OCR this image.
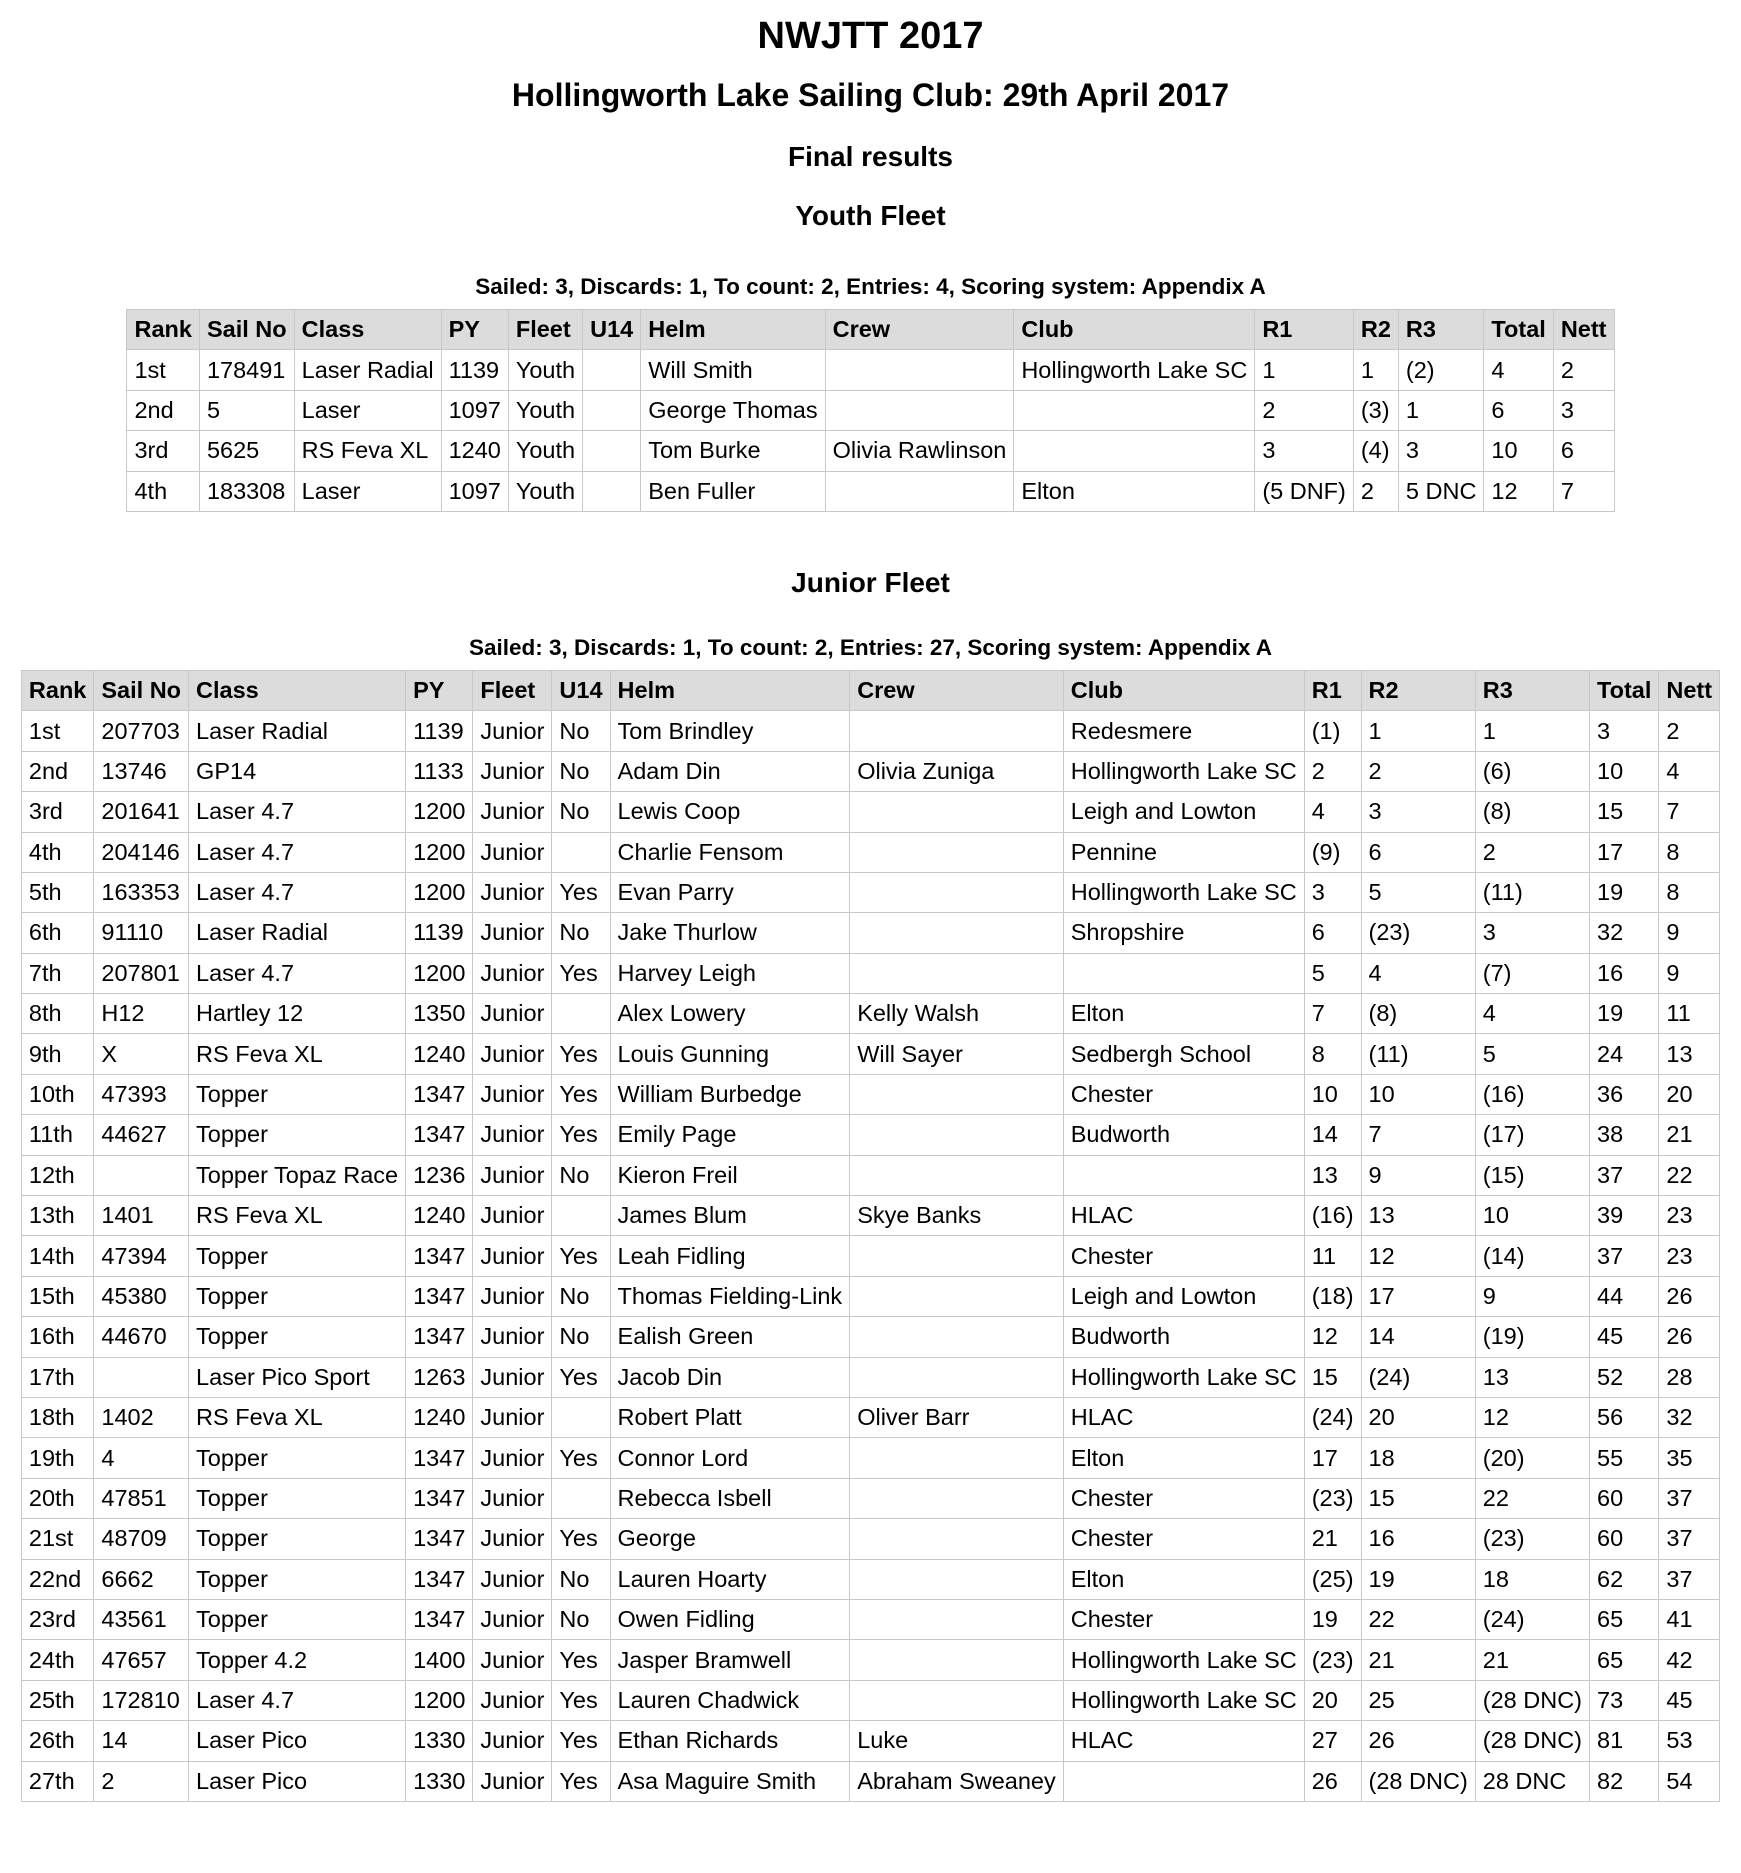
NWJTT 2017
Hollingworth Lake Sailing Club: 29th April 2017
Final results
Youth Fleet
Sailed: 3, Discards: 1, To count: 2, Entries: 4, Scoring system: Appendix A
Rank	Sail No	Class	PY	Fleet	U14	Helm	Crew	Club	R1	R2	R3	Total	Nett
1st	178491	Laser Radial	1139	Youth		Will Smith		Hollingworth Lake SC	1	1	(2)	4	2
2nd	5	Laser	1097	Youth		George Thomas			2	(3)	1	6	3
3rd	5625	RS Feva XL	1240	Youth		Tom Burke	Olivia Rawlinson		3	(4)	3	10	6
4th	183308	Laser	1097	Youth		Ben Fuller		Elton	(5 DNF)	2	5 DNC	12	7
Junior Fleet
Sailed: 3, Discards: 1, To count: 2, Entries: 27, Scoring system: Appendix A
Rank	Sail No	Class	PY	Fleet	U14	Helm	Crew	Club	R1	R2	R3	Total	Nett
1st	207703	Laser Radial	1139	Junior	No	Tom Brindley		Redesmere	(1)	1	1	3	2
2nd	13746	GP14	1133	Junior	No	Adam Din	Olivia Zuniga	Hollingworth Lake SC	2	2	(6)	10	4
3rd	201641	Laser 4.7	1200	Junior	No	Lewis Coop		Leigh and Lowton	4	3	(8)	15	7
4th	204146	Laser 4.7	1200	Junior		Charlie Fensom		Pennine	(9)	6	2	17	8
5th	163353	Laser 4.7	1200	Junior	Yes	Evan Parry		Hollingworth Lake SC	3	5	(11)	19	8
6th	91110	Laser Radial	1139	Junior	No	Jake Thurlow		Shropshire	6	(23)	3	32	9
7th	207801	Laser 4.7	1200	Junior	Yes	Harvey Leigh			5	4	(7)	16	9
8th	H12	Hartley 12	1350	Junior		Alex Lowery	Kelly Walsh	Elton	7	(8)	4	19	11
9th	X	RS Feva XL	1240	Junior	Yes	Louis Gunning	Will Sayer	Sedbergh School	8	(11)	5	24	13
10th	47393	Topper	1347	Junior	Yes	William Burbedge		Chester	10	10	(16)	36	20
11th	44627	Topper	1347	Junior	Yes	Emily Page		Budworth	14	7	(17)	38	21
12th		Topper Topaz Race	1236	Junior	No	Kieron Freil			13	9	(15)	37	22
13th	1401	RS Feva XL	1240	Junior		James Blum	Skye Banks	HLAC	(16)	13	10	39	23
14th	47394	Topper	1347	Junior	Yes	Leah Fidling		Chester	11	12	(14)	37	23
15th	45380	Topper	1347	Junior	No	Thomas Fielding-Link		Leigh and Lowton	(18)	17	9	44	26
16th	44670	Topper	1347	Junior	No	Ealish Green		Budworth	12	14	(19)	45	26
17th		Laser Pico Sport	1263	Junior	Yes	Jacob Din		Hollingworth Lake SC	15	(24)	13	52	28
18th	1402	RS Feva XL	1240	Junior		Robert Platt	Oliver Barr	HLAC	(24)	20	12	56	32
19th	4	Topper	1347	Junior	Yes	Connor Lord		Elton	17	18	(20)	55	35
20th	47851	Topper	1347	Junior		Rebecca Isbell		Chester	(23)	15	22	60	37
21st	48709	Topper	1347	Junior	Yes	George		Chester	21	16	(23)	60	37
22nd	6662	Topper	1347	Junior	No	Lauren Hoarty		Elton	(25)	19	18	62	37
23rd	43561	Topper	1347	Junior	No	Owen Fidling		Chester	19	22	(24)	65	41
24th	47657	Topper 4.2	1400	Junior	Yes	Jasper Bramwell		Hollingworth Lake SC	(23)	21	21	65	42
25th	172810	Laser 4.7	1200	Junior	Yes	Lauren Chadwick		Hollingworth Lake SC	20	25	(28 DNC)	73	45
26th	14	Laser Pico	1330	Junior	Yes	Ethan Richards	Luke	HLAC	27	26	(28 DNC)	81	53
27th	2	Laser Pico	1330	Junior	Yes	Asa Maguire Smith	Abraham Sweaney		26	(28 DNC)	28 DNC	82	54
